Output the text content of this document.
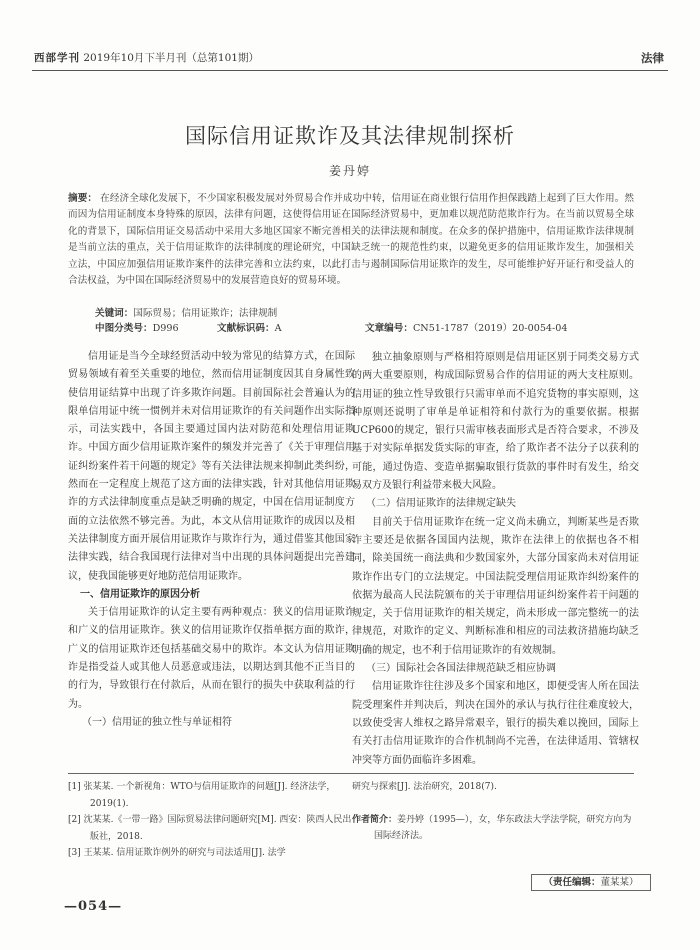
西部学刊 2019年10月下半月刊（总第101期）	法律
国际信用证欺诈及其法律规制探析
姜丹婷
摘要： 在经济全球化发展下，不少国家积极发展对外贸易合作并成功中转，信用证在商业银行信用作担保践踏上起到了巨大作用。然而因为信用证制度本身特殊的原因，法律有问题，这使得信用证在国际经济贸易中，更加难以规范防范欺诈行为。在当前以贸易全球化的背景下，国际信用证交易活动中采用大多地区国家不断完善相关的法律法规和制度。在众多的保护措施中，信用证欺诈法律规制是当前立法的重点，关于信用证欺诈的法律制度的理论研究，中国缺乏统一的规范性约束，以避免更多的信用证欺诈发生，加强相关立法，中国应加强信用证欺诈案件的法律完善和立法约束，以此打击与遏制国际信用证欺诈的发生，尽可能维护好开证行和受益人的合法权益，为中国在国际经济贸易中的发展营造良好的贸易环境。
关键词：国际贸易；信用证欺诈；法律规制
中图分类号： D996	文献标识码： A	文章编号： CN51-1787（2019）20-0054-04

信用证是当今全球经贸活动中较为常见的结算方式，在国际贸易领域有着至关重要的地位，然而信用证制度因其自身属性致使信用证结算中出现了许多欺诈问题。目前国际社会普遍认为的限单信用证中统一惯例并未对信用证欺诈的有关问题作出实际指示，司法实践中，各国主要通过国内法对防范和处理信用证欺诈。中国方面少信用证欺诈案件的频发并完善了《关于审理信用证纠纷案件若干问题的规定》等有关法律法规来抑制此类纠纷，然而在一定程度上规范了这方面的法律实践，针对其他信用证欺诈的方式法律制度重点是缺乏明确的规定，中国在信用证制度方面的立法依然不够完善。为此，本文从信用证欺诈的成因以及相关法律制度方面开展信用证欺诈与欺诈行为，通过借鉴其他国家法律实践，结合我国现行法律对当中出现的具体问题提出完善建议，使我国能够更好地防范信用证欺诈。

一、信用证欺诈的原因分析

关于信用证欺诈的认定主要有两种观点：狭义的信用证欺诈和广义的信用证欺诈。狭义的信用证欺诈仅指单据方面的欺诈，广义的信用证欺诈还包括基础交易中的欺诈。本文认为信用证欺诈是指受益人或其他人员恶意或违法，以期达到其他不正当目的的行为，导致银行在付款后，从而在银行的损失中获取利益的行为。

（一）信用证的独立性与单证相符

独立抽象原则与严格相符原则是信用证区别于同类交易方式的两大重要原则，构成国际贸易合作的信用证的两大支柱原则。信用证的独立性导致银行只需审单而不追究货物的事实原则，这种原则还说明了审单是单证相符和付款行为的重要依据。根据UCP600的规定，银行只需审核表面形式是否符合要求，不涉及基于对实际单据发货实际的审查，给了欺诈者不法分子以获利的可能，通过伪造、变造单据骗取银行货款的事件时有发生，给交易双方及银行利益带来极大风险。

（二）信用证欺诈的法律规定缺失

目前关于信用证欺诈在统一定义尚未确立，判断某些是否欺诈主要还是依据各国国内法规，欺诈在法律上的依据也各不相同，除美国统一商法典和少数国家外，大部分国家尚未对信用证欺诈作出专门的立法规定。中国法院受理信用证欺诈纠纷案件的依据为最高人民法院颁布的关于审理信用证纠纷案件若干问题的规定，关于信用证欺诈的相关规定，尚未形成一部完整统一的法律规范，对欺诈的定义、判断标准和相应的司法救济措施均缺乏明确的规定，也不利于信用证欺诈的有效规制。

（三）国际社会各国法律规范缺乏相应协调

信用证欺诈往往涉及多个国家和地区，即便受害人所在国法院受理案件并判决后，判决在国外的承认与执行往往难度较大，以致使受害人维权之路异常艰辛，银行的损失难以挽回，国际上有关打击信用证欺诈的合作机制尚不完善，在法律适用、管辖权冲突等方面仍面临许多困难。

[1] 张某某. 一个新视角：WTO与信用证欺诈的问题[J]. 经济法学，2019(1).

[2] 沈某某.《一带一路》国际贸易法律问题研究[M]. 西安：陕西人民出版社，2018.

[3] 王某某. 信用证欺诈例外的研究与司法适用[J]. 法学

研究与探索[J]. 法治研究，2018(7).

作者简介：姜丹婷（1995—），女，华东政法大学法学院，研究方向为国际经济法。

（责任编辑：董某某）
—054—
